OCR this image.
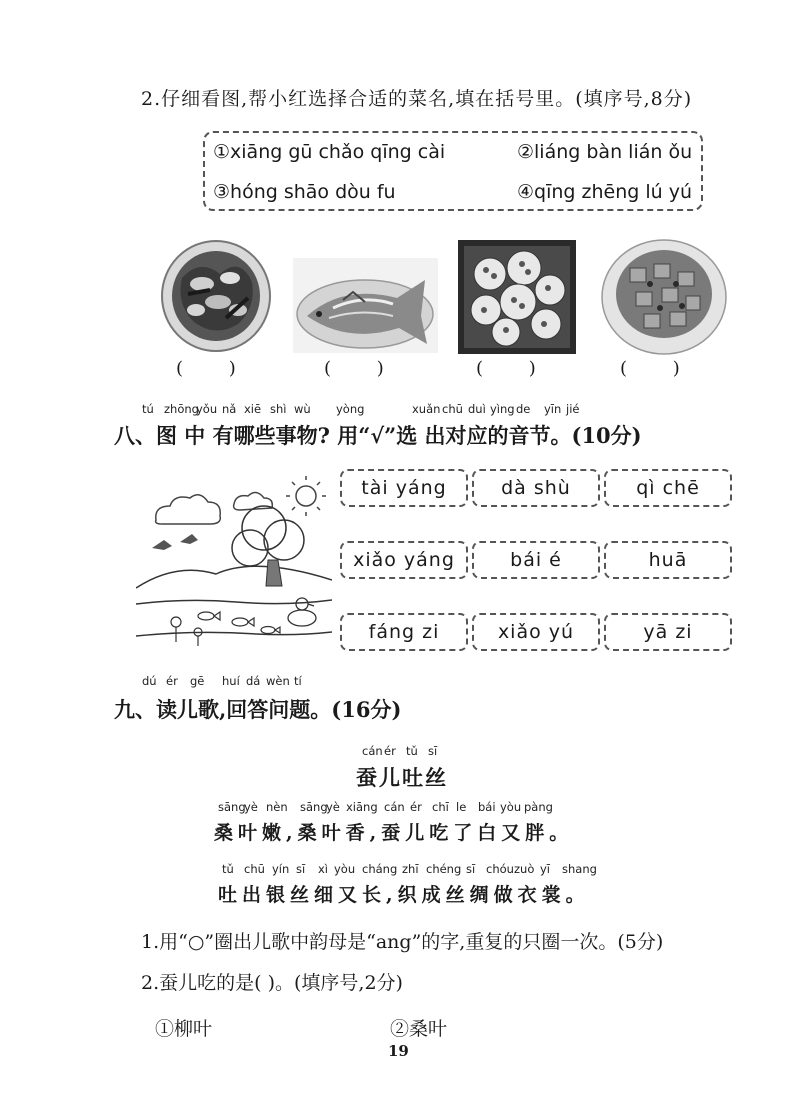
2.仔细看图,帮小红选择合适的菜名,填在括号里。(填序号,8分)
①xiāng gū chǎo qīng cài	②liáng bàn lián ǒu
③hóng shāo dòu fu	④qīng zhēng lú yú
(        )	(        )	(        )	(        )
tú zhōng
yǒu nǎ xiē shì wù yòng	xuǎn chū duì yìng de yīn jié
八、图 中 有哪些事物? 用“√”选 出对应的音节。(10分)
tài yáng	dà shù	qì chē
xiǎo yáng	bái é	huā
fáng zi	xiǎo yú	yā zi
dú ér gē huí dá wèn tí
九、读儿歌,回答问题。(16分)
cán ér tǔ sī
蚕儿吐丝
sāng
yè nèn sāng
yè xiāng cán ér chī le bái yòu pàng
桑叶嫩,桑叶香,蚕儿吃了白又胖。
tǔ chū yín sī xì yòu cháng zhī chéng sī chóu zuò yī shang
吐出银丝细又长,织成丝绸做衣裳。
1.用“○”圈出儿歌中韵母是“ang”的字,重复的只圈一次。(5分)
2.蚕儿吃的是( )。(填序号,2分)
①柳叶	②桑叶
19
